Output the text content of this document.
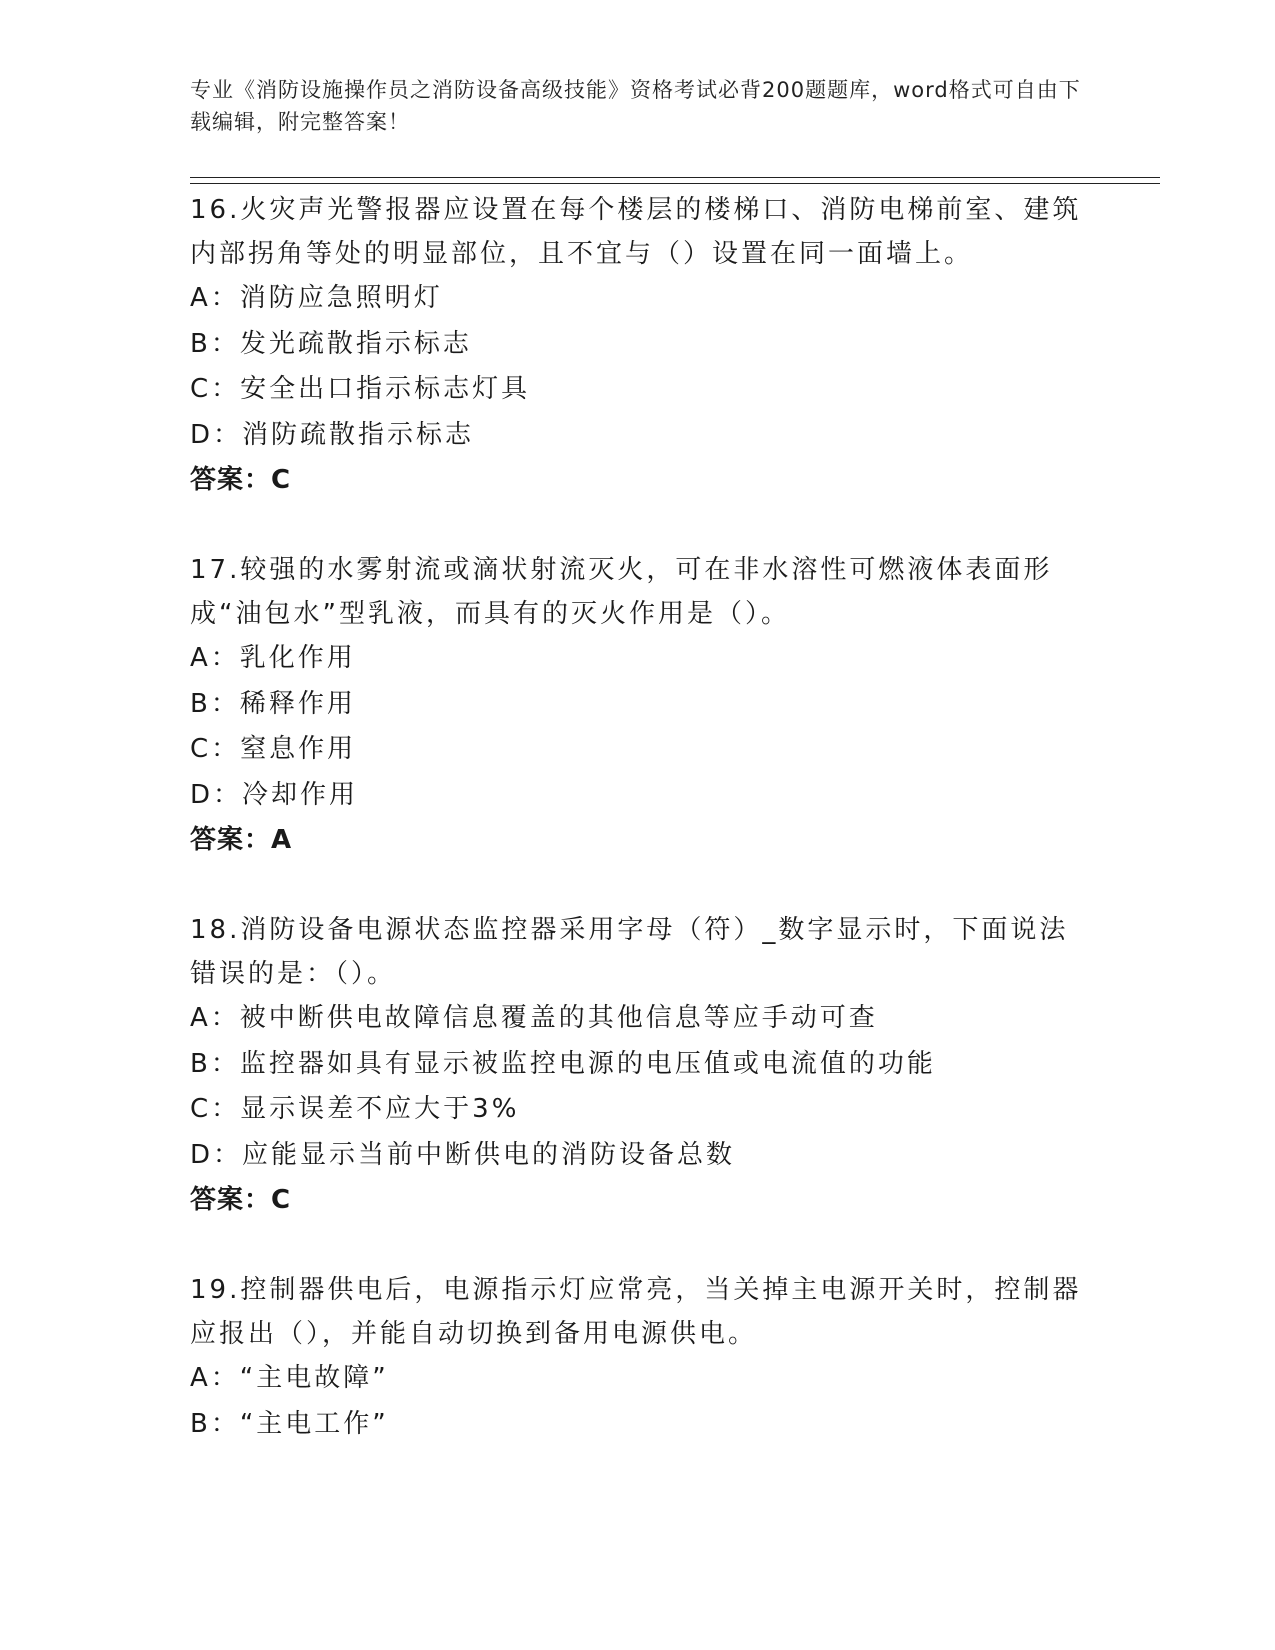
专业《消防设施操作员之消防设备高级技能》资格考试必背200题题库，word格式可自由下载编辑，附完整答案！

16.火灾声光警报器应设置在每个楼层的楼梯口、消防电梯前室、建筑内部拐角等处的明显部位，且不宜与（）设置在同一面墙上。

A：消防应急照明灯

B：发光疏散指示标志

C：安全出口指示标志灯具

D：消防疏散指示标志

答案：C

17.较强的水雾射流或滴状射流灭火，可在非水溶性可燃液体表面形成“油包水”型乳液，而具有的灭火作用是（）。

A：乳化作用

B：稀释作用

C：窒息作用

D：冷却作用

答案：A

18.消防设备电源状态监控器采用字母（符）_数字显示时，下面说法错误的是：（）。

A：被中断供电故障信息覆盖的其他信息等应手动可查

B：监控器如具有显示被监控电源的电压值或电流值的功能

C：显示误差不应大于3%

D：应能显示当前中断供电的消防设备总数

答案：C

19.控制器供电后，电源指示灯应常亮，当关掉主电源开关时，控制器应报出（），并能自动切换到备用电源供电。

A：“主电故障”

B：“主电工作”
